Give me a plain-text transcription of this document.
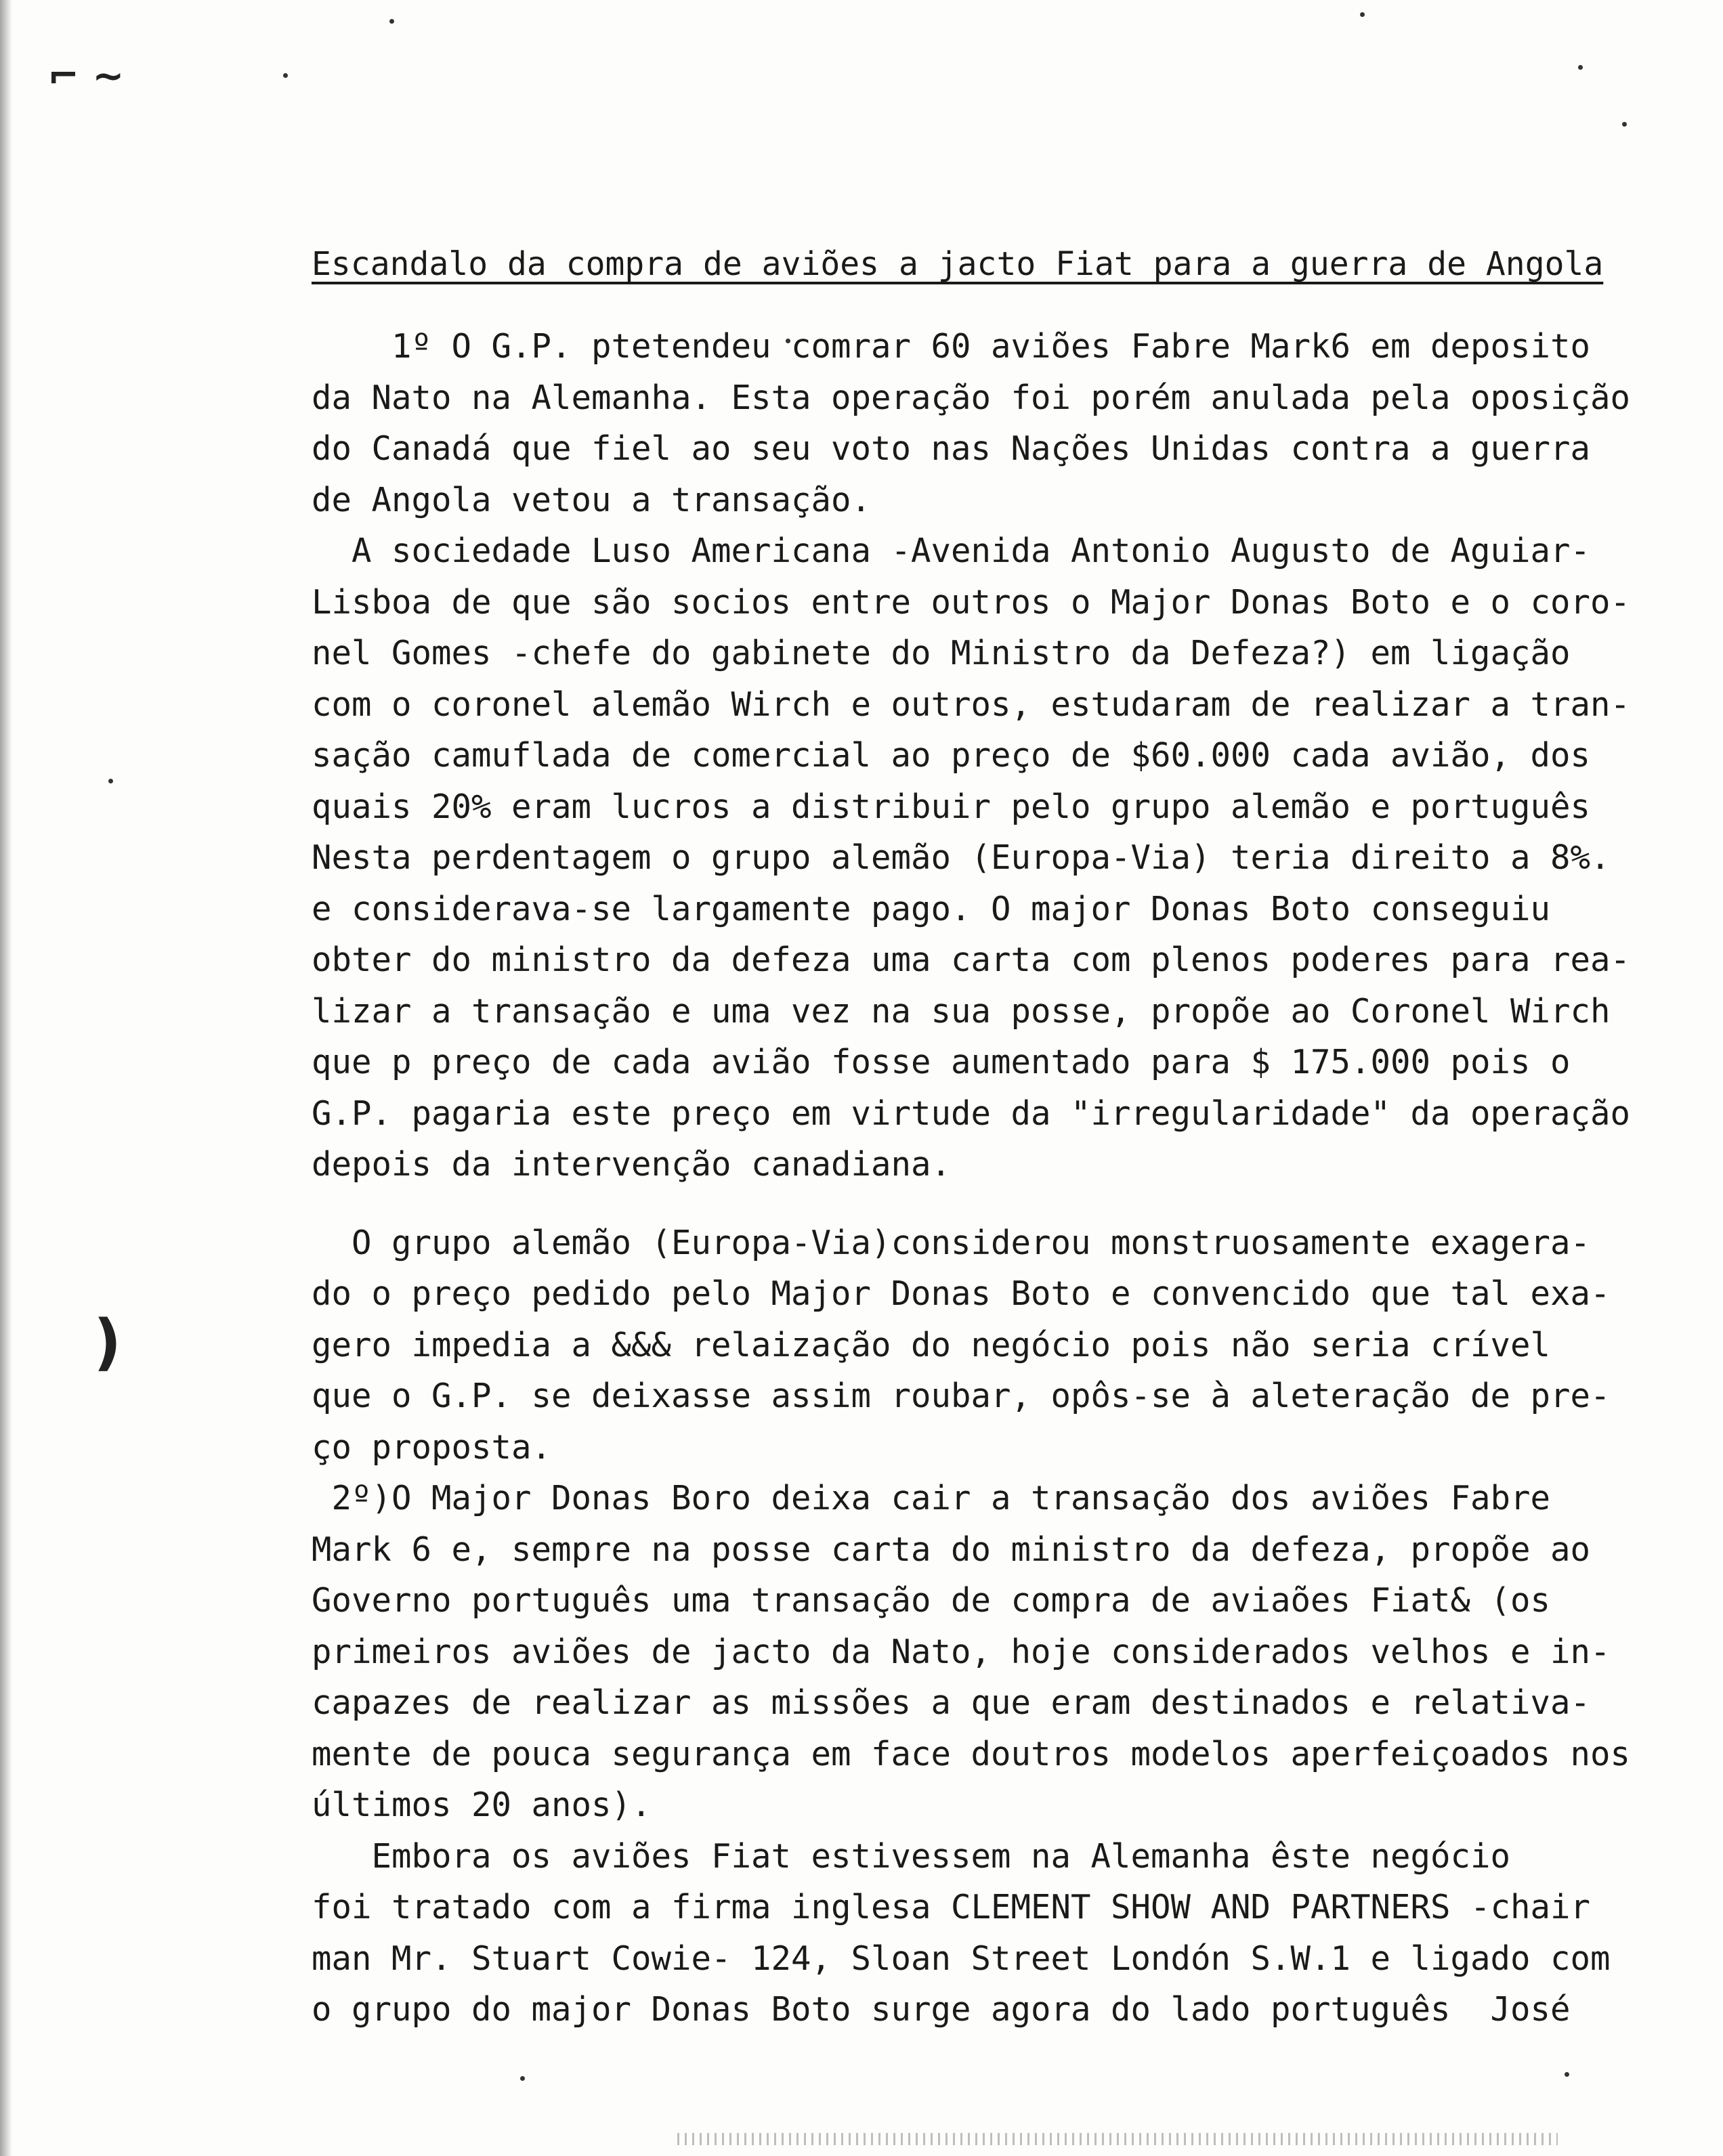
⌐ ~
)
Escandalo da compra de aviões a jacto Fiat para a guerra de Angola
1º O G.P. ptetendeu comrar 60 aviões Fabre Mark6 em deposito
da Nato na Alemanha. Esta operação foi porém anulada pela oposição
do Canadá que fiel ao seu voto nas Nações Unidas contra a guerra
de Angola vetou a transação.
A sociedade Luso Americana -Avenida Antonio Augusto de Aguiar-
Lisboa de que são socios entre outros o Major Donas Boto e o coro-
nel Gomes -chefe do gabinete do Ministro da Defeza?) em ligação
com o coronel alemão Wirch e outros, estudaram de realizar a tran-
sação camuflada de comercial ao preço de $60.000 cada avião, dos
quais 20% eram lucros a distribuir pelo grupo alemão e português
Nesta perdentagem o grupo alemão (Europa-Via) teria direito a 8%.
e considerava-se largamente pago. O major Donas Boto conseguiu
obter do ministro da defeza uma carta com plenos poderes para rea-
lizar a transação e uma vez na sua posse, propõe ao Coronel Wirch
que p preço de cada avião fosse aumentado para $ 175.000 pois o
G.P. pagaria este preço em virtude da "irregularidade" da operação
depois da intervenção canadiana.
O grupo alemão (Europa-Via)considerou monstruosamente exagera-
do o preço pedido pelo Major Donas Boto e convencido que tal exa-
gero impedia a &&& relaização do negócio pois não seria crível
que o G.P. se deixasse assim roubar, opôs-se à aleteração de pre-
ço proposta.
2º)O Major Donas Boro deixa cair a transação dos aviões Fabre
Mark 6 e, sempre na posse carta do ministro da defeza, propõe ao
Governo português uma transação de compra de aviaões Fiat& (os
primeiros aviões de jacto da Nato, hoje considerados velhos e in-
capazes de realizar as missões a que eram destinados e relativa-
mente de pouca segurança em face doutros modelos aperfeiçoados nos
últimos 20 anos).
Embora os aviões Fiat estivessem na Alemanha êste negócio
foi tratado com a firma inglesa CLEMENT SHOW AND PARTNERS -chair
man Mr. Stuart Cowie- 124, Sloan Street Londón S.W.1 e ligado com
o grupo do major Donas Boto surge agora do lado português  José
